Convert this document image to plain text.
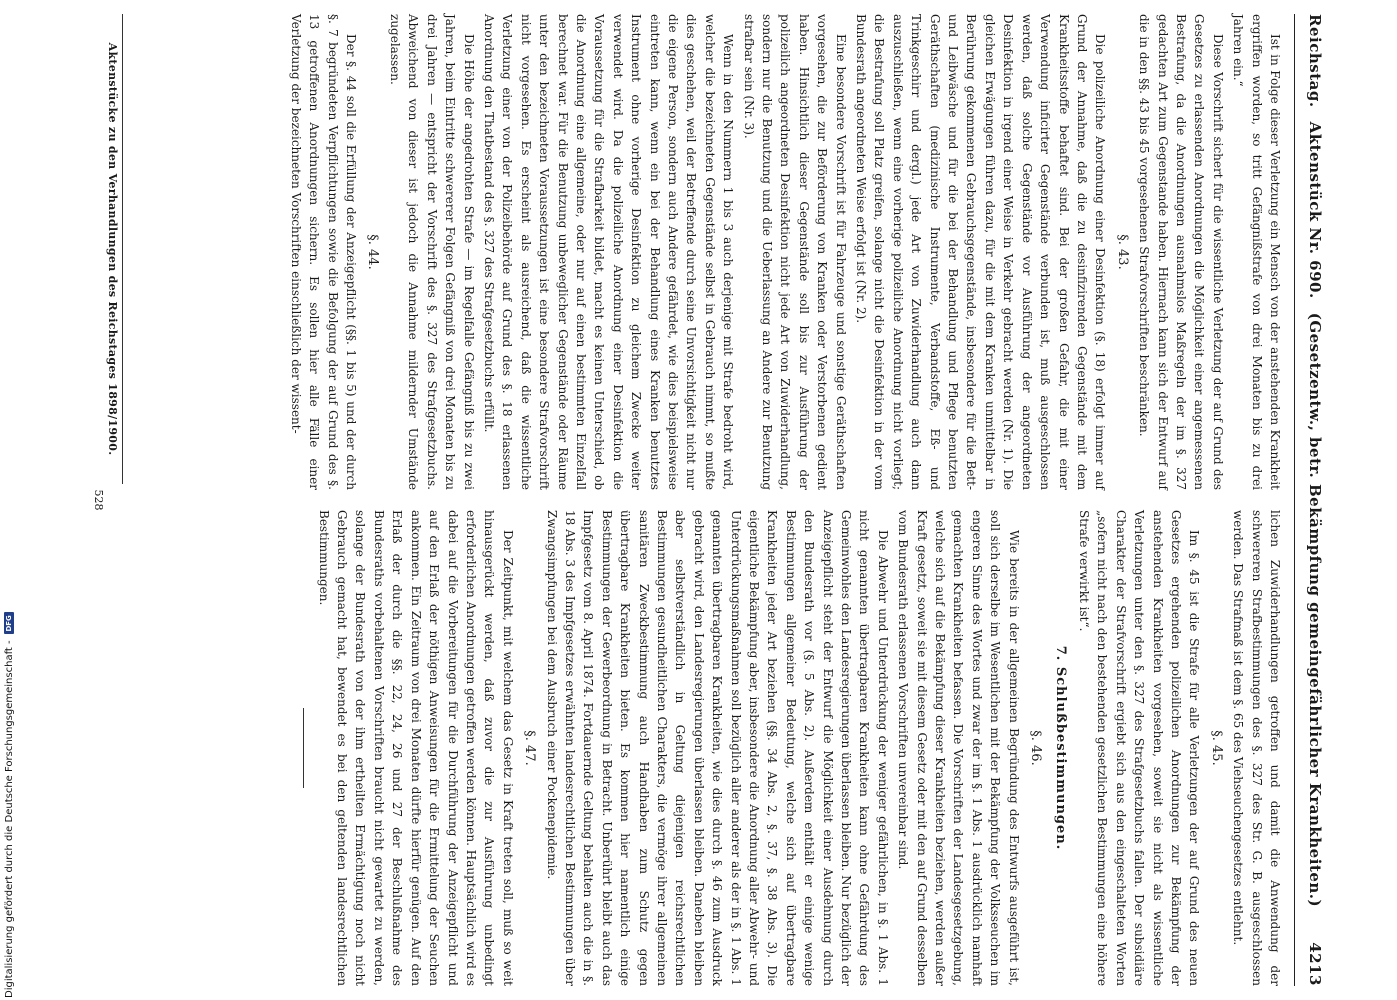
Reichstag.
Aktenstück Nr. 690.
(Gesetzentw., betr. Bekämpfung gemeingefährlicher Krankheiten.)
4213

Ist in Folge dieser Verletzung ein Mensch von der anstehenden Krankheit ergriffen worden, so tritt Gefängnißstrafe von drei Monaten bis zu drei Jahren ein.“

Diese Vorschrift sichert für die wissentliche Verletzung der auf Grund des Gesetzes zu erlassenden Anordnungen die Möglichkeit einer angemessenen Bestrafung, da die Anordnungen ausnahmslos Maßregeln der im §. 327 gedachten Art zum Gegenstande haben. Hiernach kann sich der Entwurf auf die in den §§. 43 bis 45 vorgesehenen Strafvorschriften beschränken.

§. 43.

Die polizeiliche Anordnung einer Desinfektion (§. 18) erfolgt immer auf Grund der Annahme, daß die zu desinfizirenden Gegenstände mit dem Krankheitsstoffe behaftet sind. Bei der großen Gefahr, die mit einer Verwendung inficirter Gegenstände verbunden ist, muß ausgeschlossen werden, daß solche Gegenstände vor Ausführung der angeordneten Desinfektion in irgend einer Weise in Verkehr gebracht werden (Nr. 1). Die gleichen Erwägungen führen dazu, für die mit dem Kranken unmittelbar in Berührung gekommenen Gebrauchsgegenstände, insbesondere für die Bett- und Leibwäsche und für die bei der Behandlung und Pflege benutzten Geräthschaften (medizinische Instrumente, Verbandstoffe, Eß- und Trinkgeschirr und dergl.) jede Art von Zuwiderhandlung auch dann auszuschließen, wenn eine vorherige polizeiliche Anordnung nicht vorliegt; die Bestrafung soll Platz greifen, solange nicht die Desinfektion in der vom Bundesrath angeordneten Weise erfolgt ist (Nr. 2).

Eine besondere Vorschrift ist für Fahrzeuge und sonstige Geräthschaften vorgesehen, die zur Beförderung von Kranken oder Verstorbenen gedient haben. Hinsichtlich dieser Gegenstände soll bis zur Ausführung der polizeilich angeordneten Desinfektion nicht jede Art von Zuwiderhandlung, sondern nur die Benutzung und die Ueberlassung an Andere zur Benutzung strafbar sein (Nr. 3).

Wenn in den Nummern 1 bis 3 auch derjenige mit Strafe bedroht wird, welcher die bezeichneten Gegenstände selbst in Gebrauch nimmt, so mußte dies geschehen, weil der Betreffende durch seine Unvorsichtigkeit nicht nur die eigene Person, sondern auch Andere gefährdet, wie dies beispielsweise eintreten kann, wenn ein bei der Behandlung eines Kranken benutztes Instrument ohne vorherige Desinfektion zu gleichem Zwecke weiter verwendet wird. Da die polizeiliche Anordnung einer Desinfektion die Voraussetzung für die Strafbarkeit bildet, macht es keinen Unterschied, ob die Anordnung eine allgemeine, oder nur auf einen bestimmten Einzelfall berechnet war. Für die Benutzung unbeweglicher Gegenstände oder Räume unter den bezeichneten Voraussetzungen ist eine besondere Strafvorschrift nicht vorgesehen. Es erscheint als ausreichend, daß die wissentliche Verletzung einer von der Polizeibehörde auf Grund des §. 18 erlassenen Anordnung den Thatbestand des §. 327 des Strafgesetzbuchs erfüllt.

Die Höhe der angedrohten Strafe — im Regelfalle Gefängniß bis zu zwei Jahren, beim Eintritte schwererer Folgen Gefängniß von drei Monaten bis zu drei Jahren — entspricht der Vorschrift des §. 327 des Strafgesetzbuchs. Abweichend von dieser ist jedoch die Annahme mildernder Umstände zugelassen.

§. 44.

Der §. 44 soll die Erfüllung der Anzeigepflicht (§§. 1 bis 5) und der durch §. 7 begründeten Verpflichtungen sowie die Befolgung der auf Grund des §. 13 getroffenen Anordnungen sichern. Es sollen hier alle Fälle einer Verletzung der bezeichneten Vorschriften einschließlich der wissent-

lichen Zuwiderhandlungen getroffen und damit die Anwendung der schwereren Strafbestimmungen des §. 327 des Str. G. B. ausgeschlossen werden. Das Strafmaß ist dem §. 65 des Viehseuchengesetzes entlehnt.

§. 45.

Im §. 45 ist die Strafe für alle Verletzungen der auf Grund des neuen Gesetzes ergehenden polizeilichen Anordnungen zur Bekämpfung der anstehenden Krankheiten vorgesehen, soweit sie nicht als wissentliche Verletzungen unter den §. 327 des Strafgesetzbuchs fallen. Der subsidiäre Charakter der Strafvorschrift ergiebt sich aus den eingeschalteten Worten „sofern nicht nach den bestehenden gesetzlichen Bestimmungen eine höhere Strafe verwirkt ist“.

7. Schlußbestimmungen.
§. 46.

Wie bereits in der allgemeinen Begründung des Entwurfs ausgeführt ist, soll sich derselbe im Wesentlichen mit der Bekämpfung der Volksseuchen im engeren Sinne des Wortes und zwar der im §. 1 Abs. 1 ausdrücklich namhaft gemachten Krankheiten befassen. Die Vorschriften der Landesgesetzgebung, welche sich auf die Bekämpfung dieser Krankheiten beziehen, werden außer Kraft gesetzt, soweit sie mit diesem Gesetz oder mit den auf Grund desselben vom Bundesrath erlassenen Vorschriften unvereinbar sind.

Die Abwehr und Unterdrückung der weniger gefährlichen, in §. 1 Abs. 1 nicht genannten übertragbaren Krankheiten kann ohne Gefährdung des Gemeinwohles den Landesregierungen überlassen bleiben. Nur bezüglich der Anzeigepflicht steht der Entwurf die Möglichkeit einer Ausdehnung durch den Bundesrath vor (§. 5 Abs. 2). Außerdem enthält er einige wenige Bestimmungen allgemeiner Bedeutung, welche sich auf übertragbare Krankheiten jeder Art beziehen (§§. 34 Abs. 2, §. 37, §. 38 Abs. 3). Die eigentliche Bekämpfung aber, insbesondere die Anordnung aller Abwehr- und Unterdrückungsmaßnahmen soll bezüglich aller anderer als der in §. 1 Abs. 1 genannten übertragbaren Krankheiten, wie dies durch §. 46 zum Ausdruck gebracht wird, den Landesregierungen überlassen bleiben. Daneben bleiben aber selbstverständlich in Geltung diejenigen reichsrechtlichen Bestimmungen gesundheitlichen Charakters, die vermöge ihrer allgemeinen sanitären Zweckbestimmung auch Handhaben zum Schutz gegen übertragbare Krankheiten bieten. Es kommen hier namentlich einige Bestimmungen der Gewerbeordnung in Betracht. Unberührt bleibt auch das Impfgesetz vom 8. April 1874. Fortdauernde Geltung behalten auch die in §. 18 Abs. 3 des Impfgesetzes erwähnten landesrechtlichen Bestimmungen über Zwangsimpfungen bei dem Ausbruch einer Pockenepidemie.

§. 47.

Der Zeitpunkt, mit welchem das Gesetz in Kraft treten soll, muß so weit hinausgerückt werden, daß zuvor die zur Ausführung unbedingt erforderlichen Anordnungen getroffen werden können. Hauptsächlich wird es dabei auf die Vorbereitungen für die Durchführung der Anzeigepflicht und auf den Erlaß der nöthigen Anweisungen für die Ermittelung der Seuchen ankommen. Ein Zeitraum von drei Monaten dürfte hierfür genügen. Auf den Erlaß der durch die §§. 22, 24, 26 und 27 der Beschlußnahme des Bundesraths vorbehaltenen Vorschriften braucht nicht gewartet zu werden, solange der Bundesrath von der ihm ertheilten Ermächtigung noch nicht Gebrauch gemacht hat, bewendet es bei den geltenden landesrechtlichen Bestimmungen.

Aktenstücke zu den Verhandlungen des Reichstages 1898/1900.
528
Digitalisierung gefördert durch die Deutsche Forschungsgemeinschaft -
DFG
